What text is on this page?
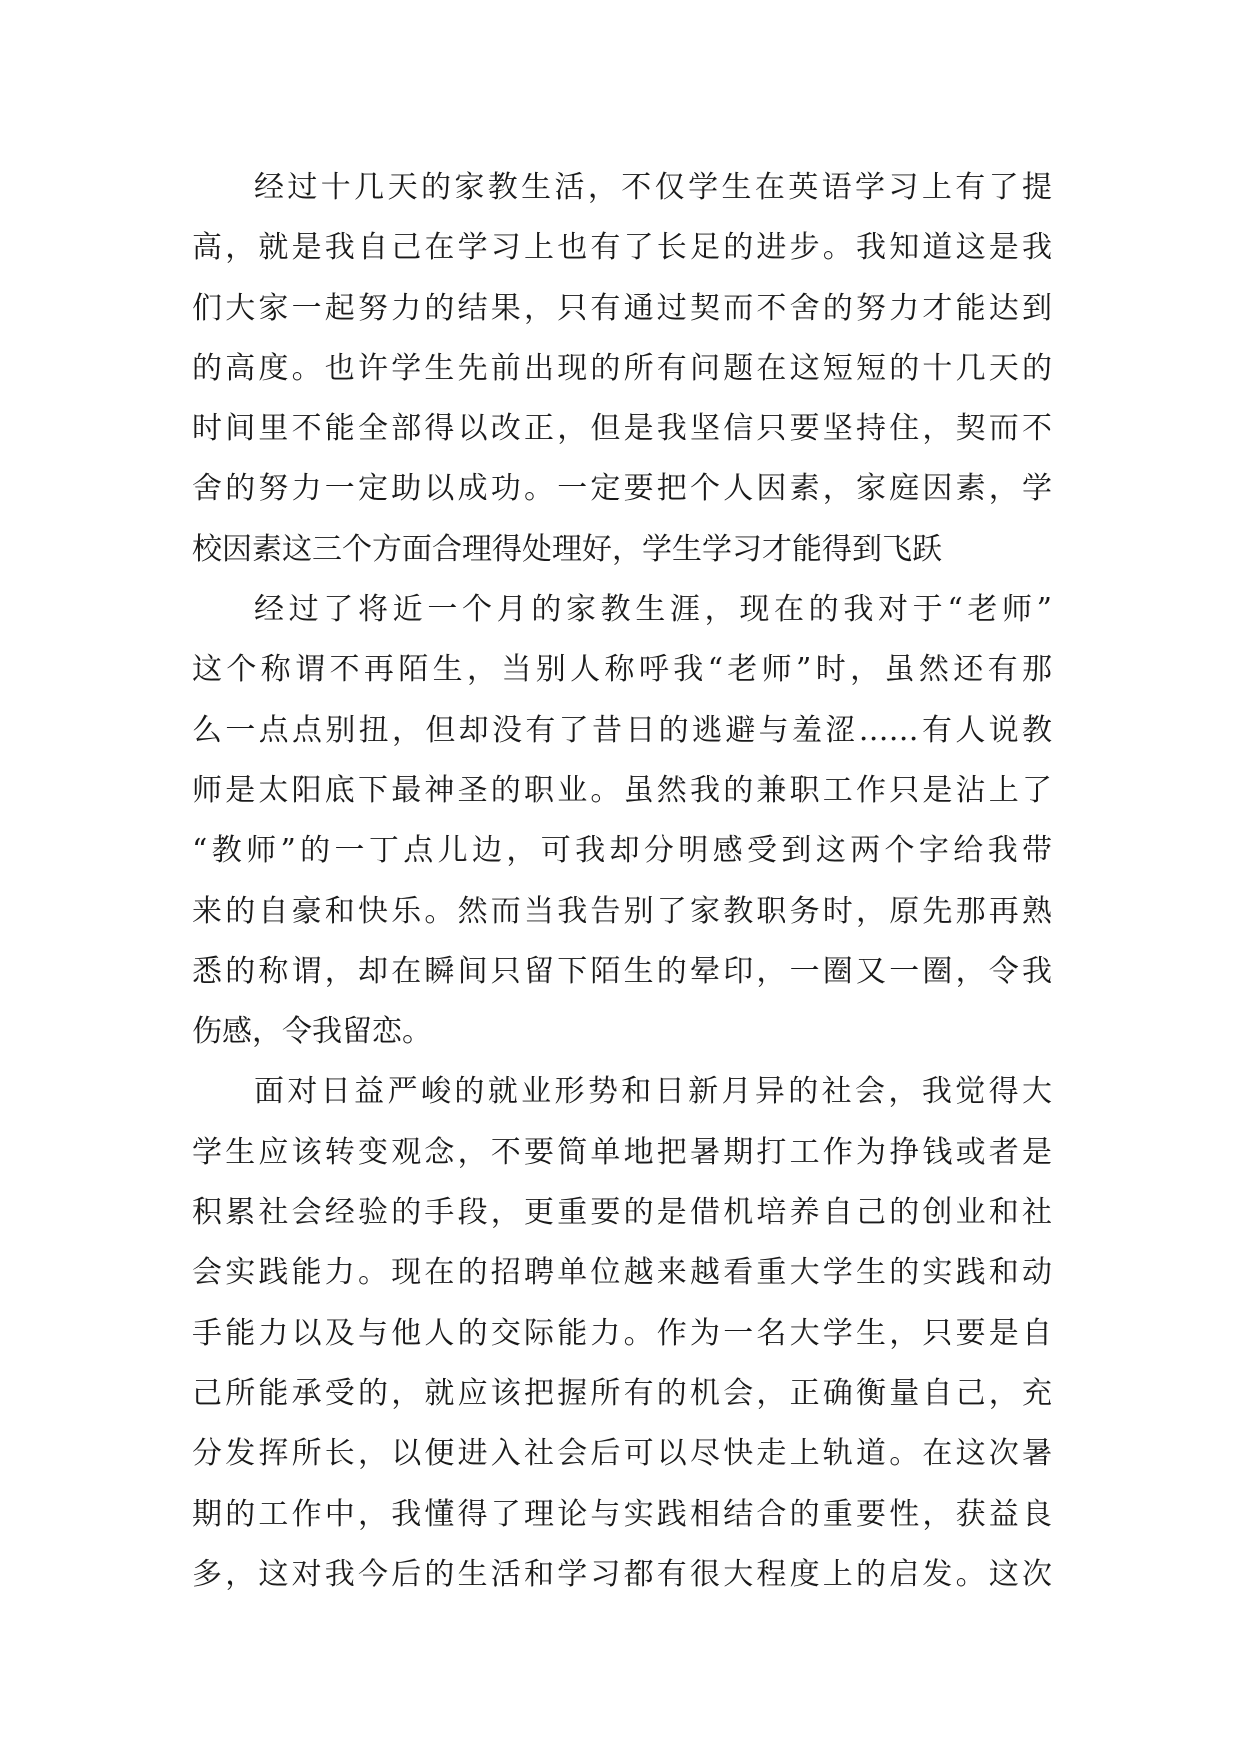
经过十几天的家教生活，不仅学生在英语学习上有了提
高，就是我自己在学习上也有了长足的进步。我知道这是我
们大家一起努力的结果，只有通过契而不舍的努力才能达到
的高度。也许学生先前出现的所有问题在这短短的十几天的
时间里不能全部得以改正，但是我坚信只要坚持住，契而不
舍的努力一定助以成功。一定要把个人因素，家庭因素，学
校因素这三个方面合理得处理好，学生学习才能得到飞跃
经过了将近一个月的家教生涯，现在的我对于“老师”
这个称谓不再陌生，当别人称呼我“老师”时，虽然还有那
么一点点别扭，但却没有了昔日的逃避与羞涩……有人说教
师是太阳底下最神圣的职业。虽然我的兼职工作只是沾上了
“教师”的一丁点儿边，可我却分明感受到这两个字给我带
来的自豪和快乐。然而当我告别了家教职务时，原先那再熟
悉的称谓，却在瞬间只留下陌生的晕印，一圈又一圈，令我
伤感，令我留恋。
面对日益严峻的就业形势和日新月异的社会，我觉得大
学生应该转变观念，不要简单地把暑期打工作为挣钱或者是
积累社会经验的手段，更重要的是借机培养自己的创业和社
会实践能力。现在的招聘单位越来越看重大学生的实践和动
手能力以及与他人的交际能力。作为一名大学生，只要是自
己所能承受的，就应该把握所有的机会，正确衡量自己，充
分发挥所长，以便进入社会后可以尽快走上轨道。在这次暑
期的工作中，我懂得了理论与实践相结合的重要性，获益良
多，这对我今后的生活和学习都有很大程度上的启发。这次
